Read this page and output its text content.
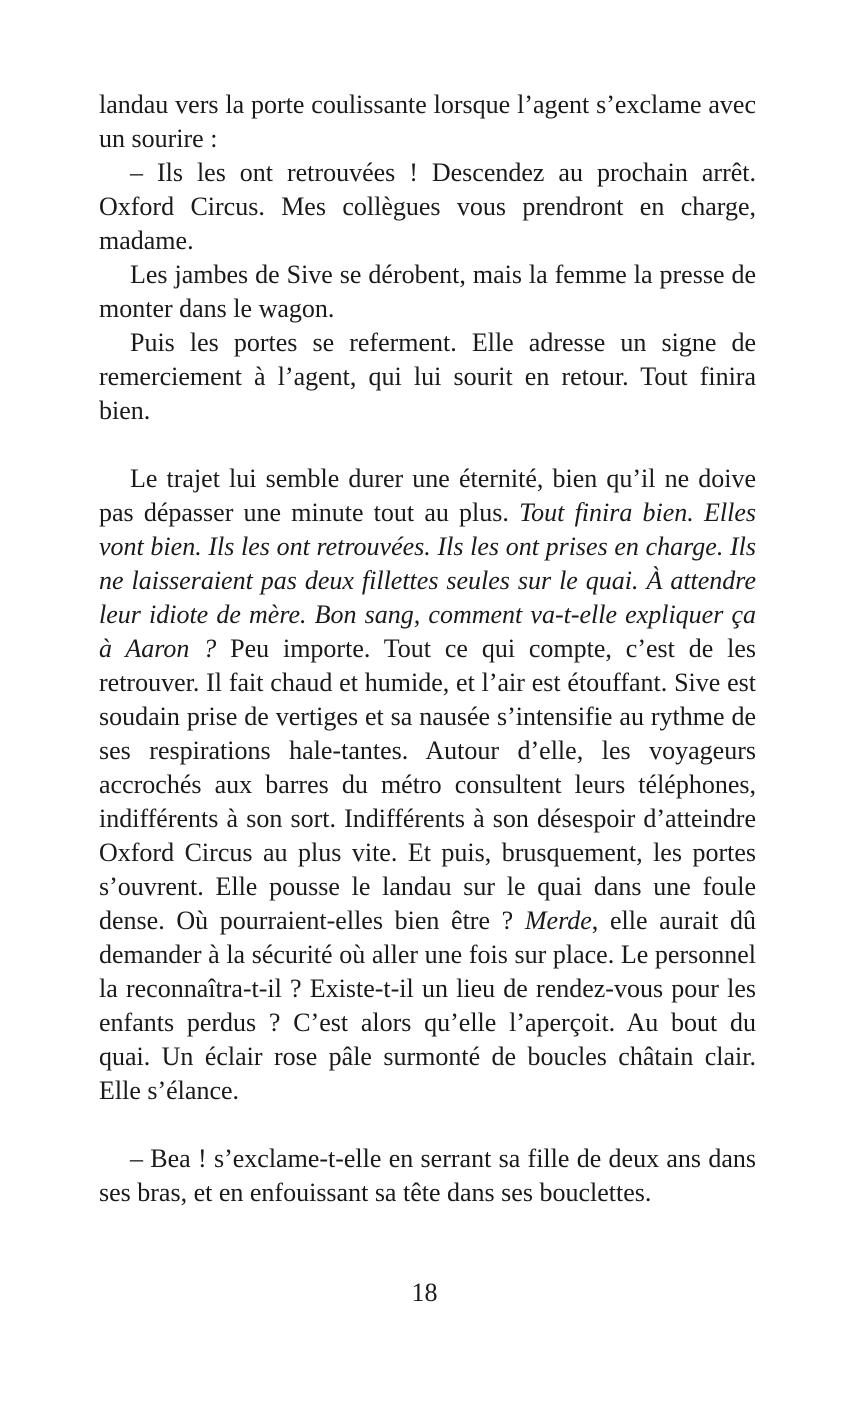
landau vers la porte coulissante lorsque l’agent s’exclame avec un sourire :

– Ils les ont retrouvées ! Descendez au prochain arrêt. Oxford Circus. Mes collègues vous prendront en charge, madame.

Les jambes de Sive se dérobent, mais la femme la presse de monter dans le wagon.

Puis les portes se referment. Elle adresse un signe de remerciement à l’agent, qui lui sourit en retour. Tout finira bien.

Le trajet lui semble durer une éternité, bien qu’il ne doive pas dépasser une minute tout au plus. Tout finira bien. Elles vont bien. Ils les ont retrouvées. Ils les ont prises en charge. Ils ne laisseraient pas deux fillettes seules sur le quai. À attendre leur idiote de mère. Bon sang, comment va-t-elle expliquer ça à Aaron ? Peu importe. Tout ce qui compte, c’est de les retrouver. Il fait chaud et humide, et l’air est étouffant. Sive est soudain prise de vertiges et sa nausée s’intensifie au rythme de ses respirations hale-tantes. Autour d’elle, les voyageurs accrochés aux barres du métro consultent leurs téléphones, indifférents à son sort. Indifférents à son désespoir d’atteindre Oxford Circus au plus vite. Et puis, brusquement, les portes s’ouvrent. Elle pousse le landau sur le quai dans une foule dense. Où pourraient-elles bien être ? Merde, elle aurait dû demander à la sécurité où aller une fois sur place. Le personnel la reconnaîtra-t-il ? Existe-t-il un lieu de rendez-vous pour les enfants perdus ? C’est alors qu’elle l’aperçoit. Au bout du quai. Un éclair rose pâle surmonté de boucles châtain clair. Elle s’élance.

– Bea ! s’exclame-t-elle en serrant sa fille de deux ans dans ses bras, et en enfouissant sa tête dans ses bouclettes.

18
